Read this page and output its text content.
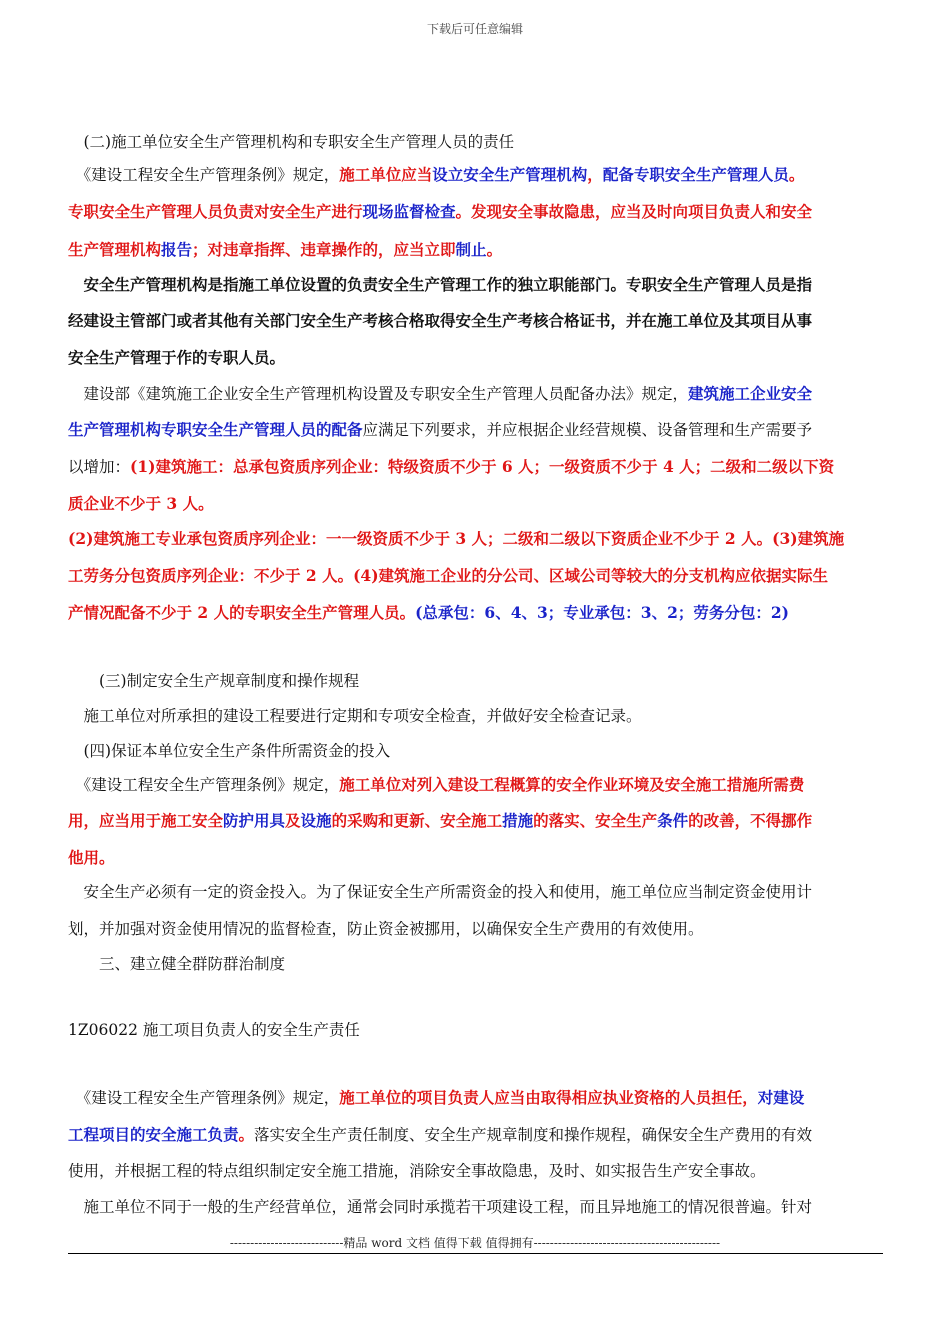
下载后可任意编辑
　(二)施工单位安全生产管理机构和专职安全生产管理人员的责任
　《建设工程安全生产管理条例》规定，施工单位应当设立安全生产管理机构，配备专职安全生产管理人员。
专职安全生产管理人员负责对安全生产进行现场监督检查。发现安全事故隐患，应当及时向项目负责人和安全
生产管理机构报告；对违章指挥、违章操作的，应当立即制止。
　安全生产管理机构是指施工单位设置的负责安全生产管理工作的独立职能部门。专职安全生产管理人员是指
经建设主管部门或者其他有关部门安全生产考核合格取得安全生产考核合格证书，并在施工单位及其项目从事
安全生产管理于作的专职人员。
　建设部《建筑施工企业安全生产管理机构设置及专职安全生产管理人员配备办法》规定，建筑施工企业安全
生产管理机构专职安全生产管理人员的配备应满足下列要求，并应根据企业经营规模、设备管理和生产需要予
以增加：(1)建筑施工：总承包资质序列企业：特级资质不少于 6 人；一级资质不少于 4 人；二级和二级以下资
质企业不少于 3 人。
(2)建筑施工专业承包资质序列企业：一一级资质不少于 3 人；二级和二级以下资质企业不少于 2 人。(3)建筑施
工劳务分包资质序列企业：不少于 2 人。(4)建筑施工企业的分公司、区域公司等较大的分支机构应依据实际生
产情况配备不少于 2 人的专职安全生产管理人员。(总承包：6、4、3；专业承包：3、2；劳务分包：2)
　　(三)制定安全生产规章制度和操作规程
　施工单位对所承担的建设工程要进行定期和专项安全检查，并做好安全检查记录。
　(四)保证本单位安全生产条件所需资金的投入
　《建设工程安全生产管理条例》规定，施工单位对列入建设工程概算的安全作业环境及安全施工措施所需费
用，应当用于施工安全防护用具及设施的采购和更新、安全施工措施的落实、安全生产条件的改善，不得挪作
他用。
　安全生产必须有一定的资金投入。为了保证安全生产所需资金的投入和使用，施工单位应当制定资金使用计
划，并加强对资金使用情况的监督检查，防止资金被挪用，以确保安全生产费用的有效使用。
　　三、建立健全群防群治制度
1Z06022 施工项目负责人的安全生产责任
　《建设工程安全生产管理条例》规定，施工单位的项目负责人应当由取得相应执业资格的人员担任，对建设
工程项目的安全施工负责。落实安全生产责任制度、安全生产规章制度和操作规程，确保安全生产费用的有效
使用，并根据工程的特点组织制定安全施工措施，消除安全事故隐患，及时、如实报告生产安全事故。
　施工单位不同于一般的生产经营单位，通常会同时承揽若干项建设工程，而且异地施工的情况很普遍。针对
----------------------------精品 word 文档 值得下载 值得拥有----------------------------------------------
